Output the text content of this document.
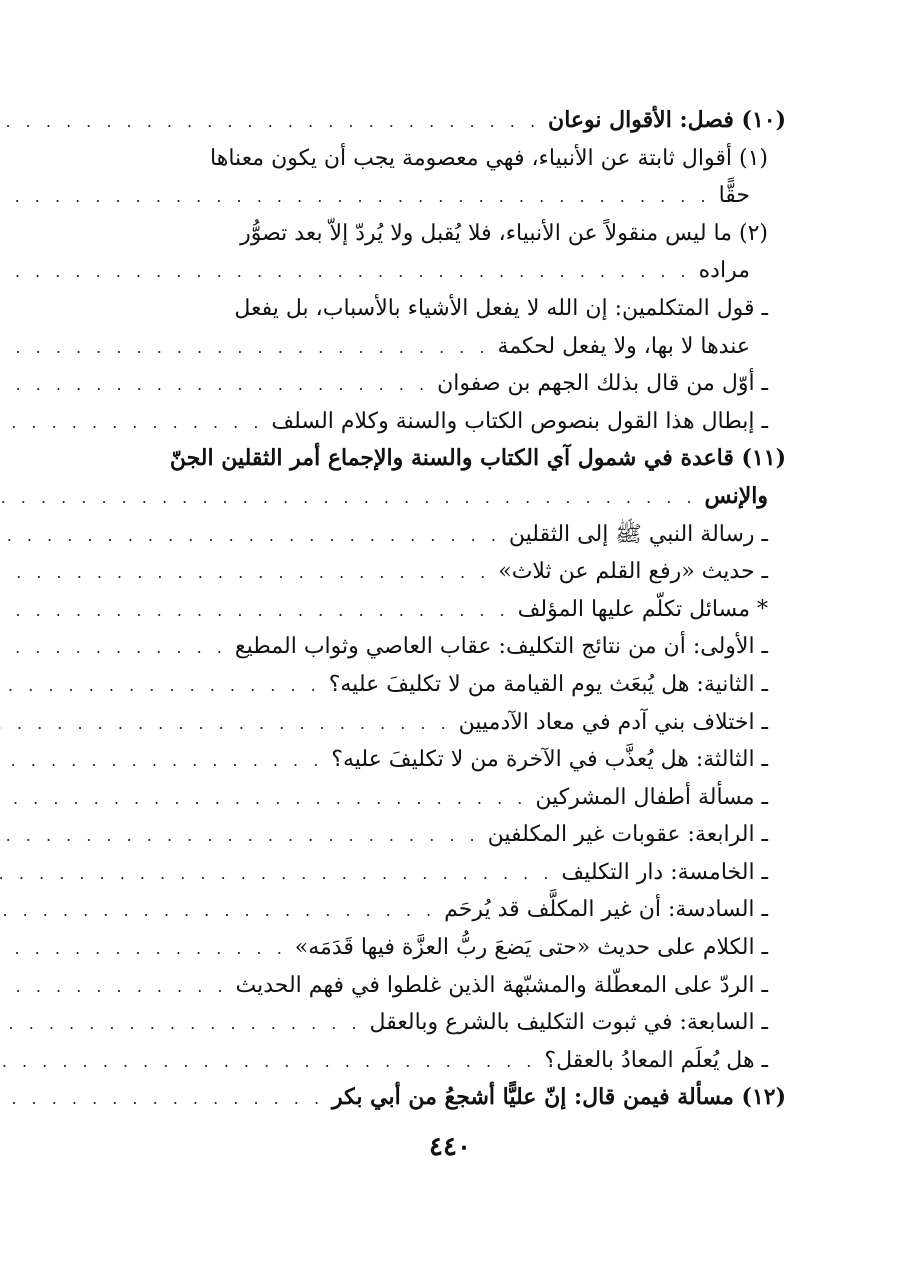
(١٠) فصل: الأقوال نوعان
. . .
(١) أقوال ثابتة عن الأنبياء، فهي معصومة يجب أن يكون معناها
حقًّا
. . .
(٢) ما ليس منقولاً عن الأنبياء، فلا يُقبل ولا يُردّ إلاّ بعد تصوُّر
مراده
. . .
ـ قول المتكلمين: إن الله لا يفعل الأشياء بالأسباب، بل يفعل
عندها لا بها، ولا يفعل لحكمة
. . .
ـ أوّل من قال بذلك الجهم بن صفوان
. . .
ـ إبطال هذا القول بنصوص الكتاب والسنة وكلام السلف
. . .
(١١) قاعدة في شمول آي الكتاب والسنة والإجماع أمر الثقلين الجنّ
والإنس
. . .
ـ رسالة النبي ﷺ إلى الثقلين
. . .
ـ حديث «رفع القلم عن ثلاث»
. . .
* مسائل تكلّم عليها المؤلف
. . .
ـ الأولى: أن من نتائج التكليف: عقاب العاصي وثواب المطيع
. . .
ـ الثانية: هل يُبعَث يوم القيامة من لا تكليفَ عليه؟
. . .
ـ اختلاف بني آدم في معاد الآدميين
. . .
ـ الثالثة: هل يُعذَّب في الآخرة من لا تكليفَ عليه؟
. . .
ـ مسألة أطفال المشركين
. . .
ـ الرابعة: عقوبات غير المكلفين
. . .
ـ الخامسة: دار التكليف
. . .
ـ السادسة: أن غير المكلَّف قد يُرحَم
. . .
ـ الكلام على حديث «حتى يَضعَ ربُّ العزَّة فيها قَدَمَه»
. . .
ـ الردّ على المعطّلة والمشبّهة الذين غلطوا في فهم الحديث
. . .
ـ السابعة: في ثبوت التكليف بالشرع وبالعقل
. . .
ـ هل يُعلَم المعادُ بالعقل؟
. . .
(١٢) مسألة فيمن قال: إنّ عليًّا أشجعُ من أبي بكر
. . .
٤٤٠
